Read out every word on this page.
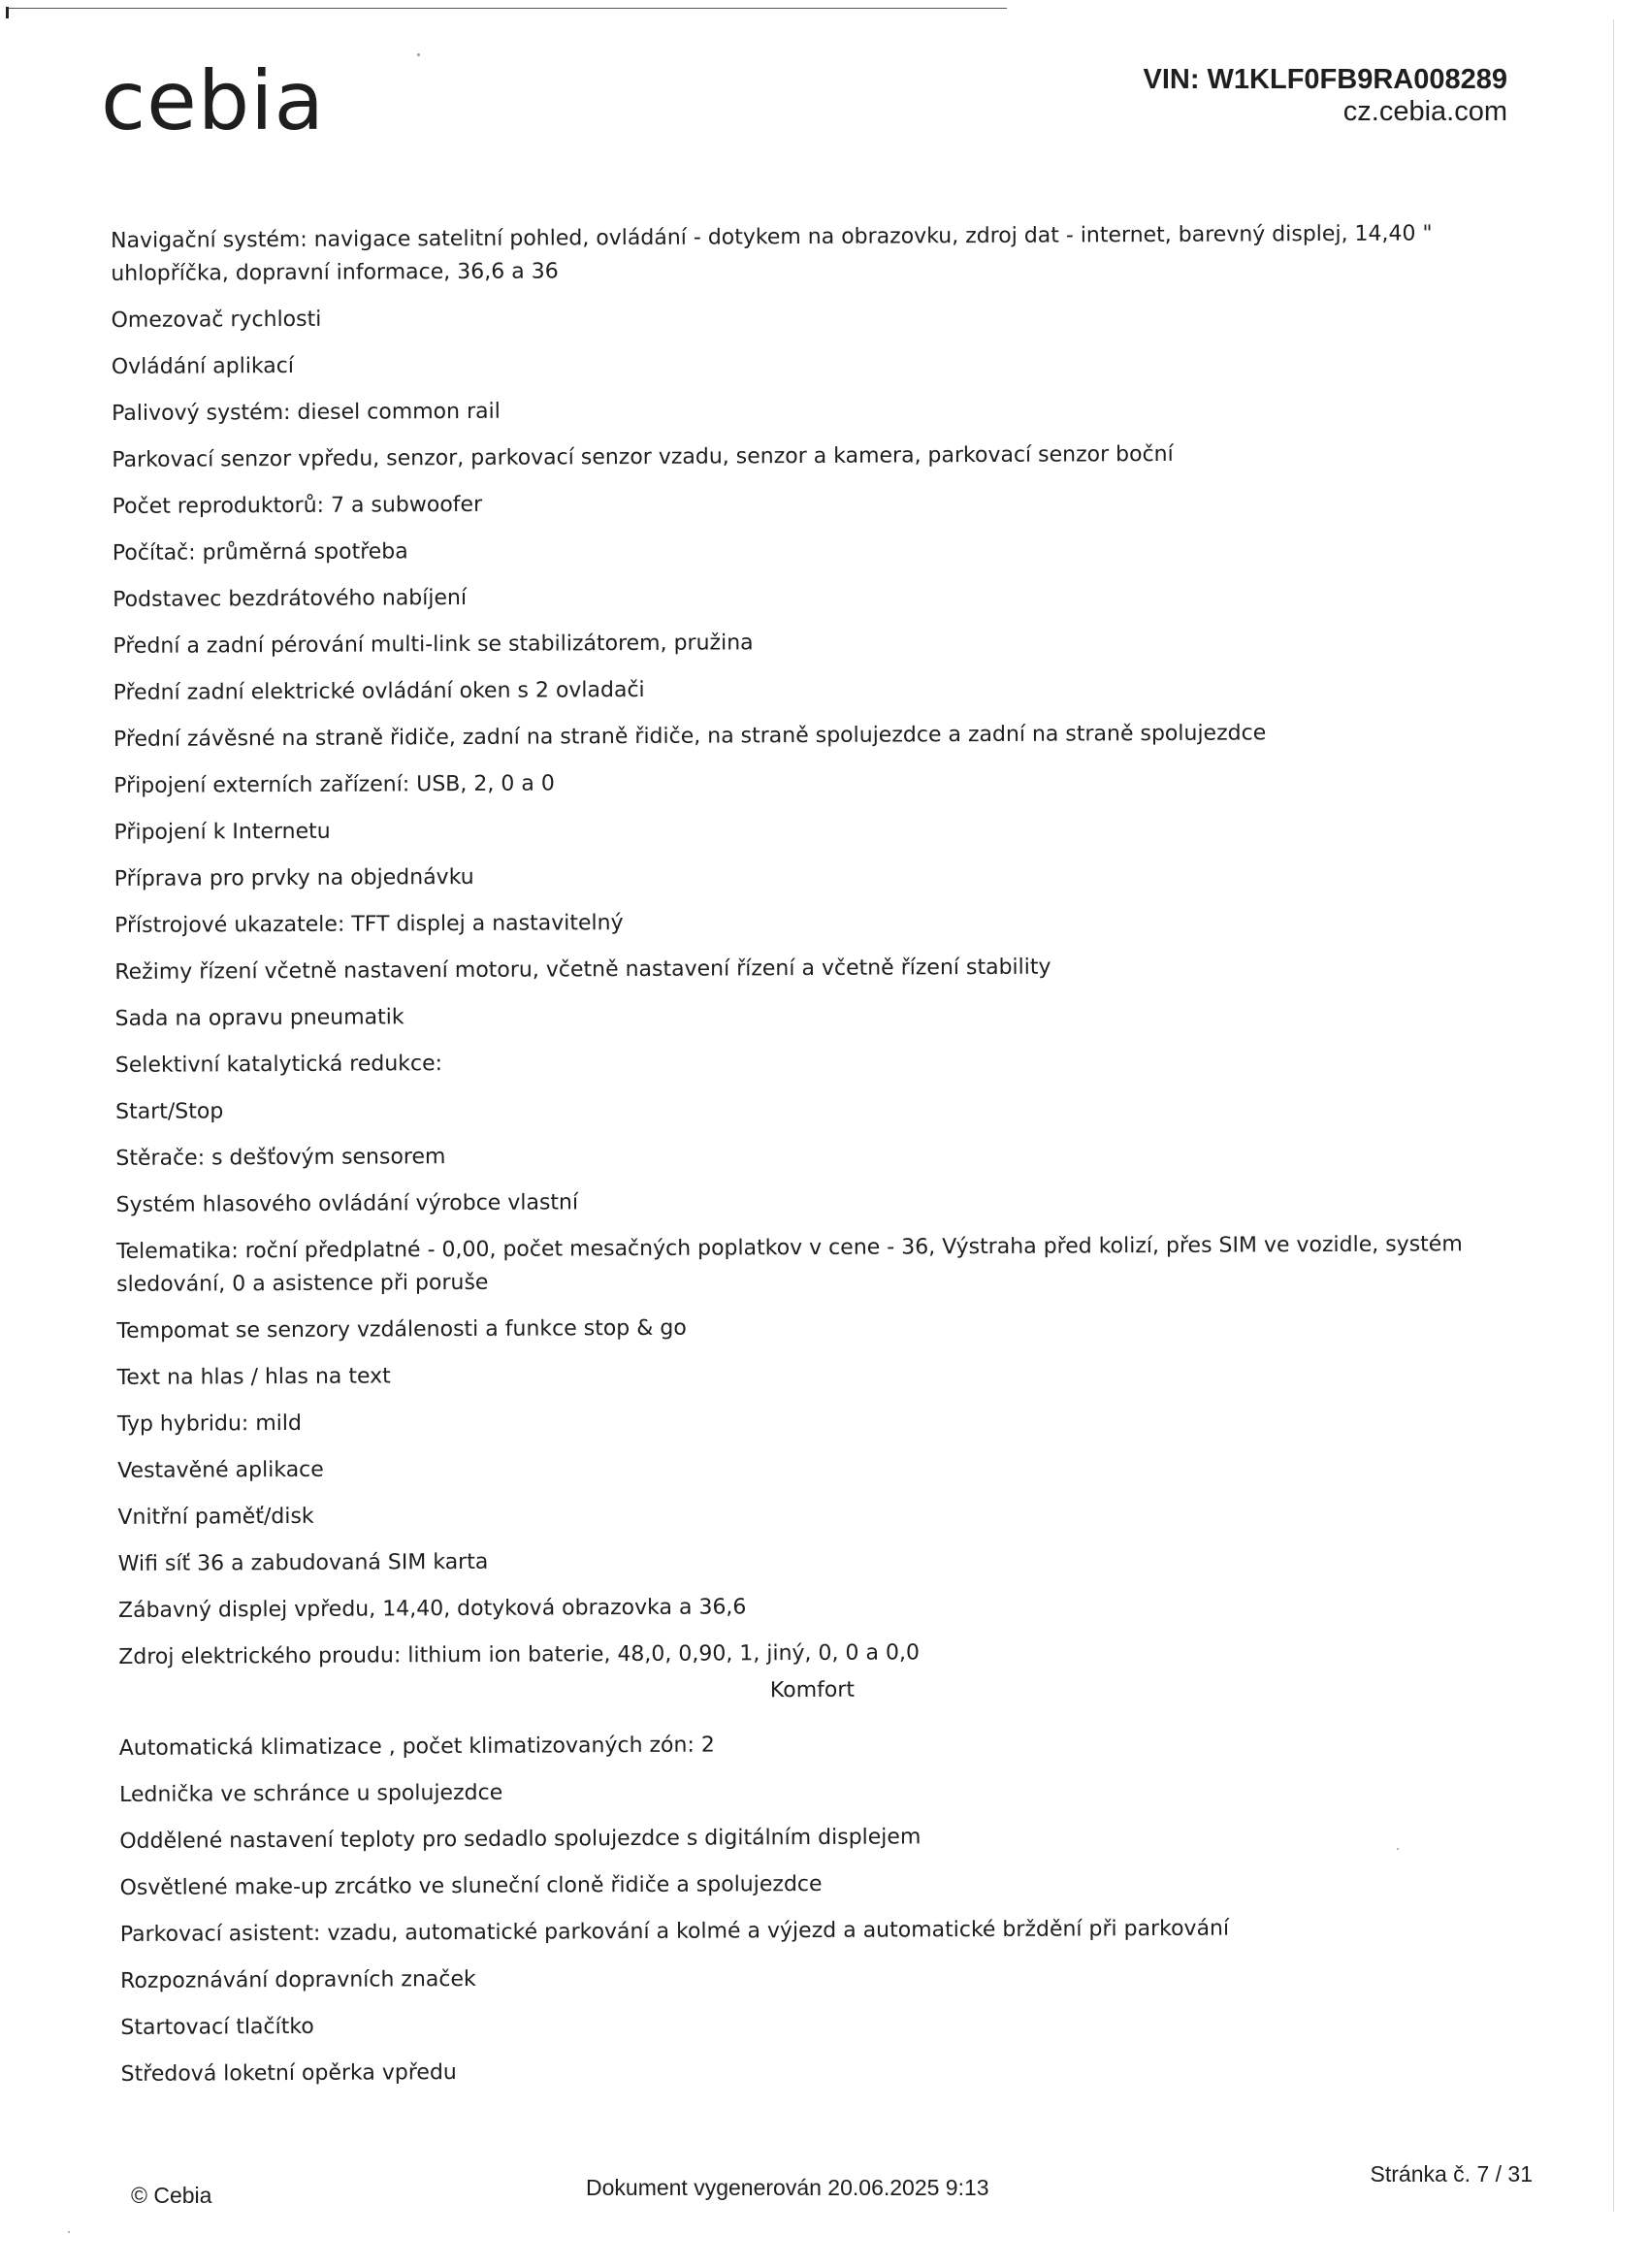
cebia	VIN: W1KLF0FB9RA008289
cz.cebia.com
Navigační systém: navigace satelitní pohled, ovládání - dotykem na obrazovku, zdroj dat - internet, barevný displej, 14,40 " uhlopříčka, dopravní informace, 36,6 a 36
Omezovač rychlosti
Ovládání aplikací
Palivový systém: diesel common rail
Parkovací senzor vpředu, senzor, parkovací senzor vzadu, senzor a kamera, parkovací senzor boční
Počet reproduktorů: 7 a subwoofer
Počítač: průměrná spotřeba
Podstavec bezdrátového nabíjení
Přední a zadní pérování multi-link se stabilizátorem, pružina
Přední zadní elektrické ovládání oken s 2 ovladači
Přední závěsné na straně řidiče, zadní na straně řidiče, na straně spolujezdce a zadní na straně spolujezdce
Připojení externích zařízení: USB, 2, 0 a 0
Připojení k Internetu
Příprava pro prvky na objednávku
Přístrojové ukazatele: TFT displej a nastavitelný
Režimy řízení včetně nastavení motoru, včetně nastavení řízení a včetně řízení stability
Sada na opravu pneumatik
Selektivní katalytická redukce:
Start/Stop
Stěrače: s dešťovým sensorem
Systém hlasového ovládání výrobce vlastní
Telematika: roční předplatné - 0,00, počet mesačných poplatkov v cene - 36, Výstraha před kolizí, přes SIM ve vozidle, systém sledování, 0 a asistence při poruše
Tempomat se senzory vzdálenosti a funkce stop & go
Text na hlas / hlas na text
Typ hybridu: mild
Vestavěné aplikace
Vnitřní paměť/disk
Wifi síť 36 a zabudovaná SIM karta
Zábavný displej vpředu, 14,40, dotyková obrazovka a 36,6
Zdroj elektrického proudu: lithium ion baterie, 48,0, 0,90, 1, jiný, 0, 0 a 0,0
Komfort
Automatická klimatizace , počet klimatizovaných zón: 2
Lednička ve schránce u spolujezdce
Oddělené nastavení teploty pro sedadlo spolujezdce s digitálním displejem
Osvětlené make-up zrcátko ve sluneční cloně řidiče a spolujezdce
Parkovací asistent: vzadu, automatické parkování a kolmé a výjezd a automatické brždění při parkování
Rozpoznávání dopravních značek
Startovací tlačítko
Středová loketní opěrka vpředu
© Cebia	Dokument vygenerován 20.06.2025 9:13
Stránka č. 7 / 31
